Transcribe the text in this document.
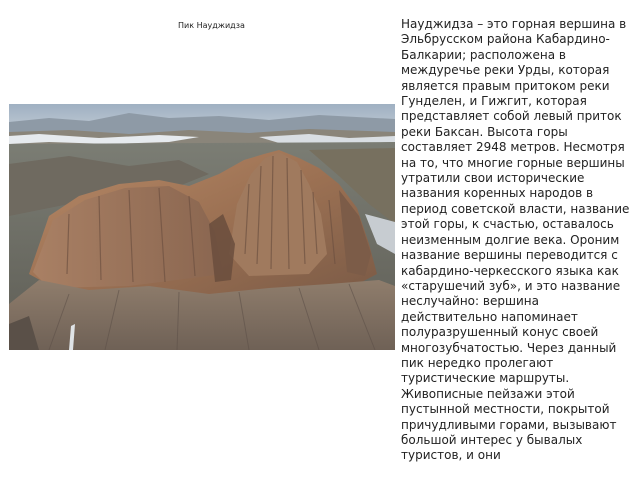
Пик Науджидза	Науджидза – это горная вершина в Эльбрусском района Кабардино-Балкарии; расположена в междуречье реки Урды, которая является правым притоком реки Гунделен, и Гижгит, которая представляет собой левый приток реки Баксан. Высота горы составляет 2948 метров. Несмотря на то, что многие горные вершины утратили свои исторические названия коренных народов в период советской власти, название этой горы, к счастью, оставалось неизменным долгие века. Ороним название вершины переводится с кабардино-черкесского языка как «старушечий зуб», и это название неслучайно: вершина действительно напоминает полуразрушенный конус своей многозубчатостью. Через данный пик нередко пролегают туристические маршруты. Живописные пейзажи этой пустынной местности, покрытой причудливыми горами, вызывают большой интерес у бывалых туристов, и они
